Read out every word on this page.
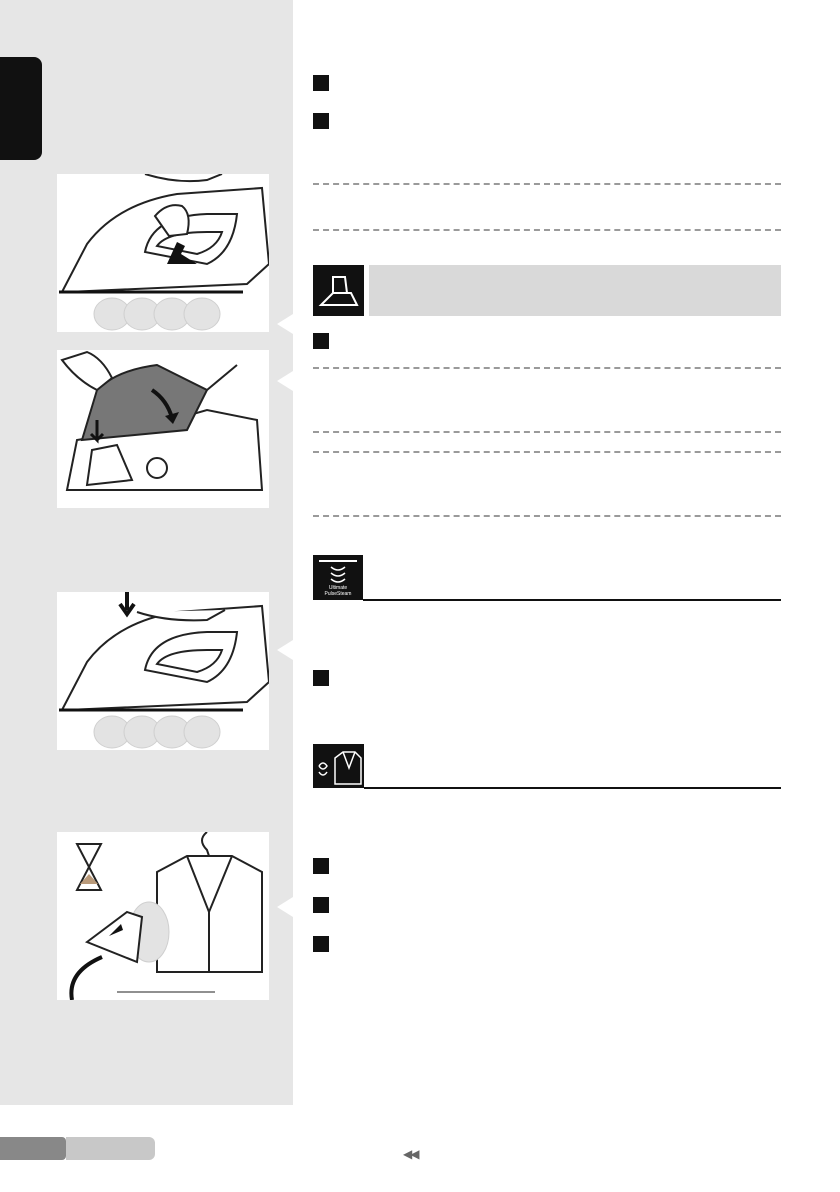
Ultimate
PulseSteam
◀◀
